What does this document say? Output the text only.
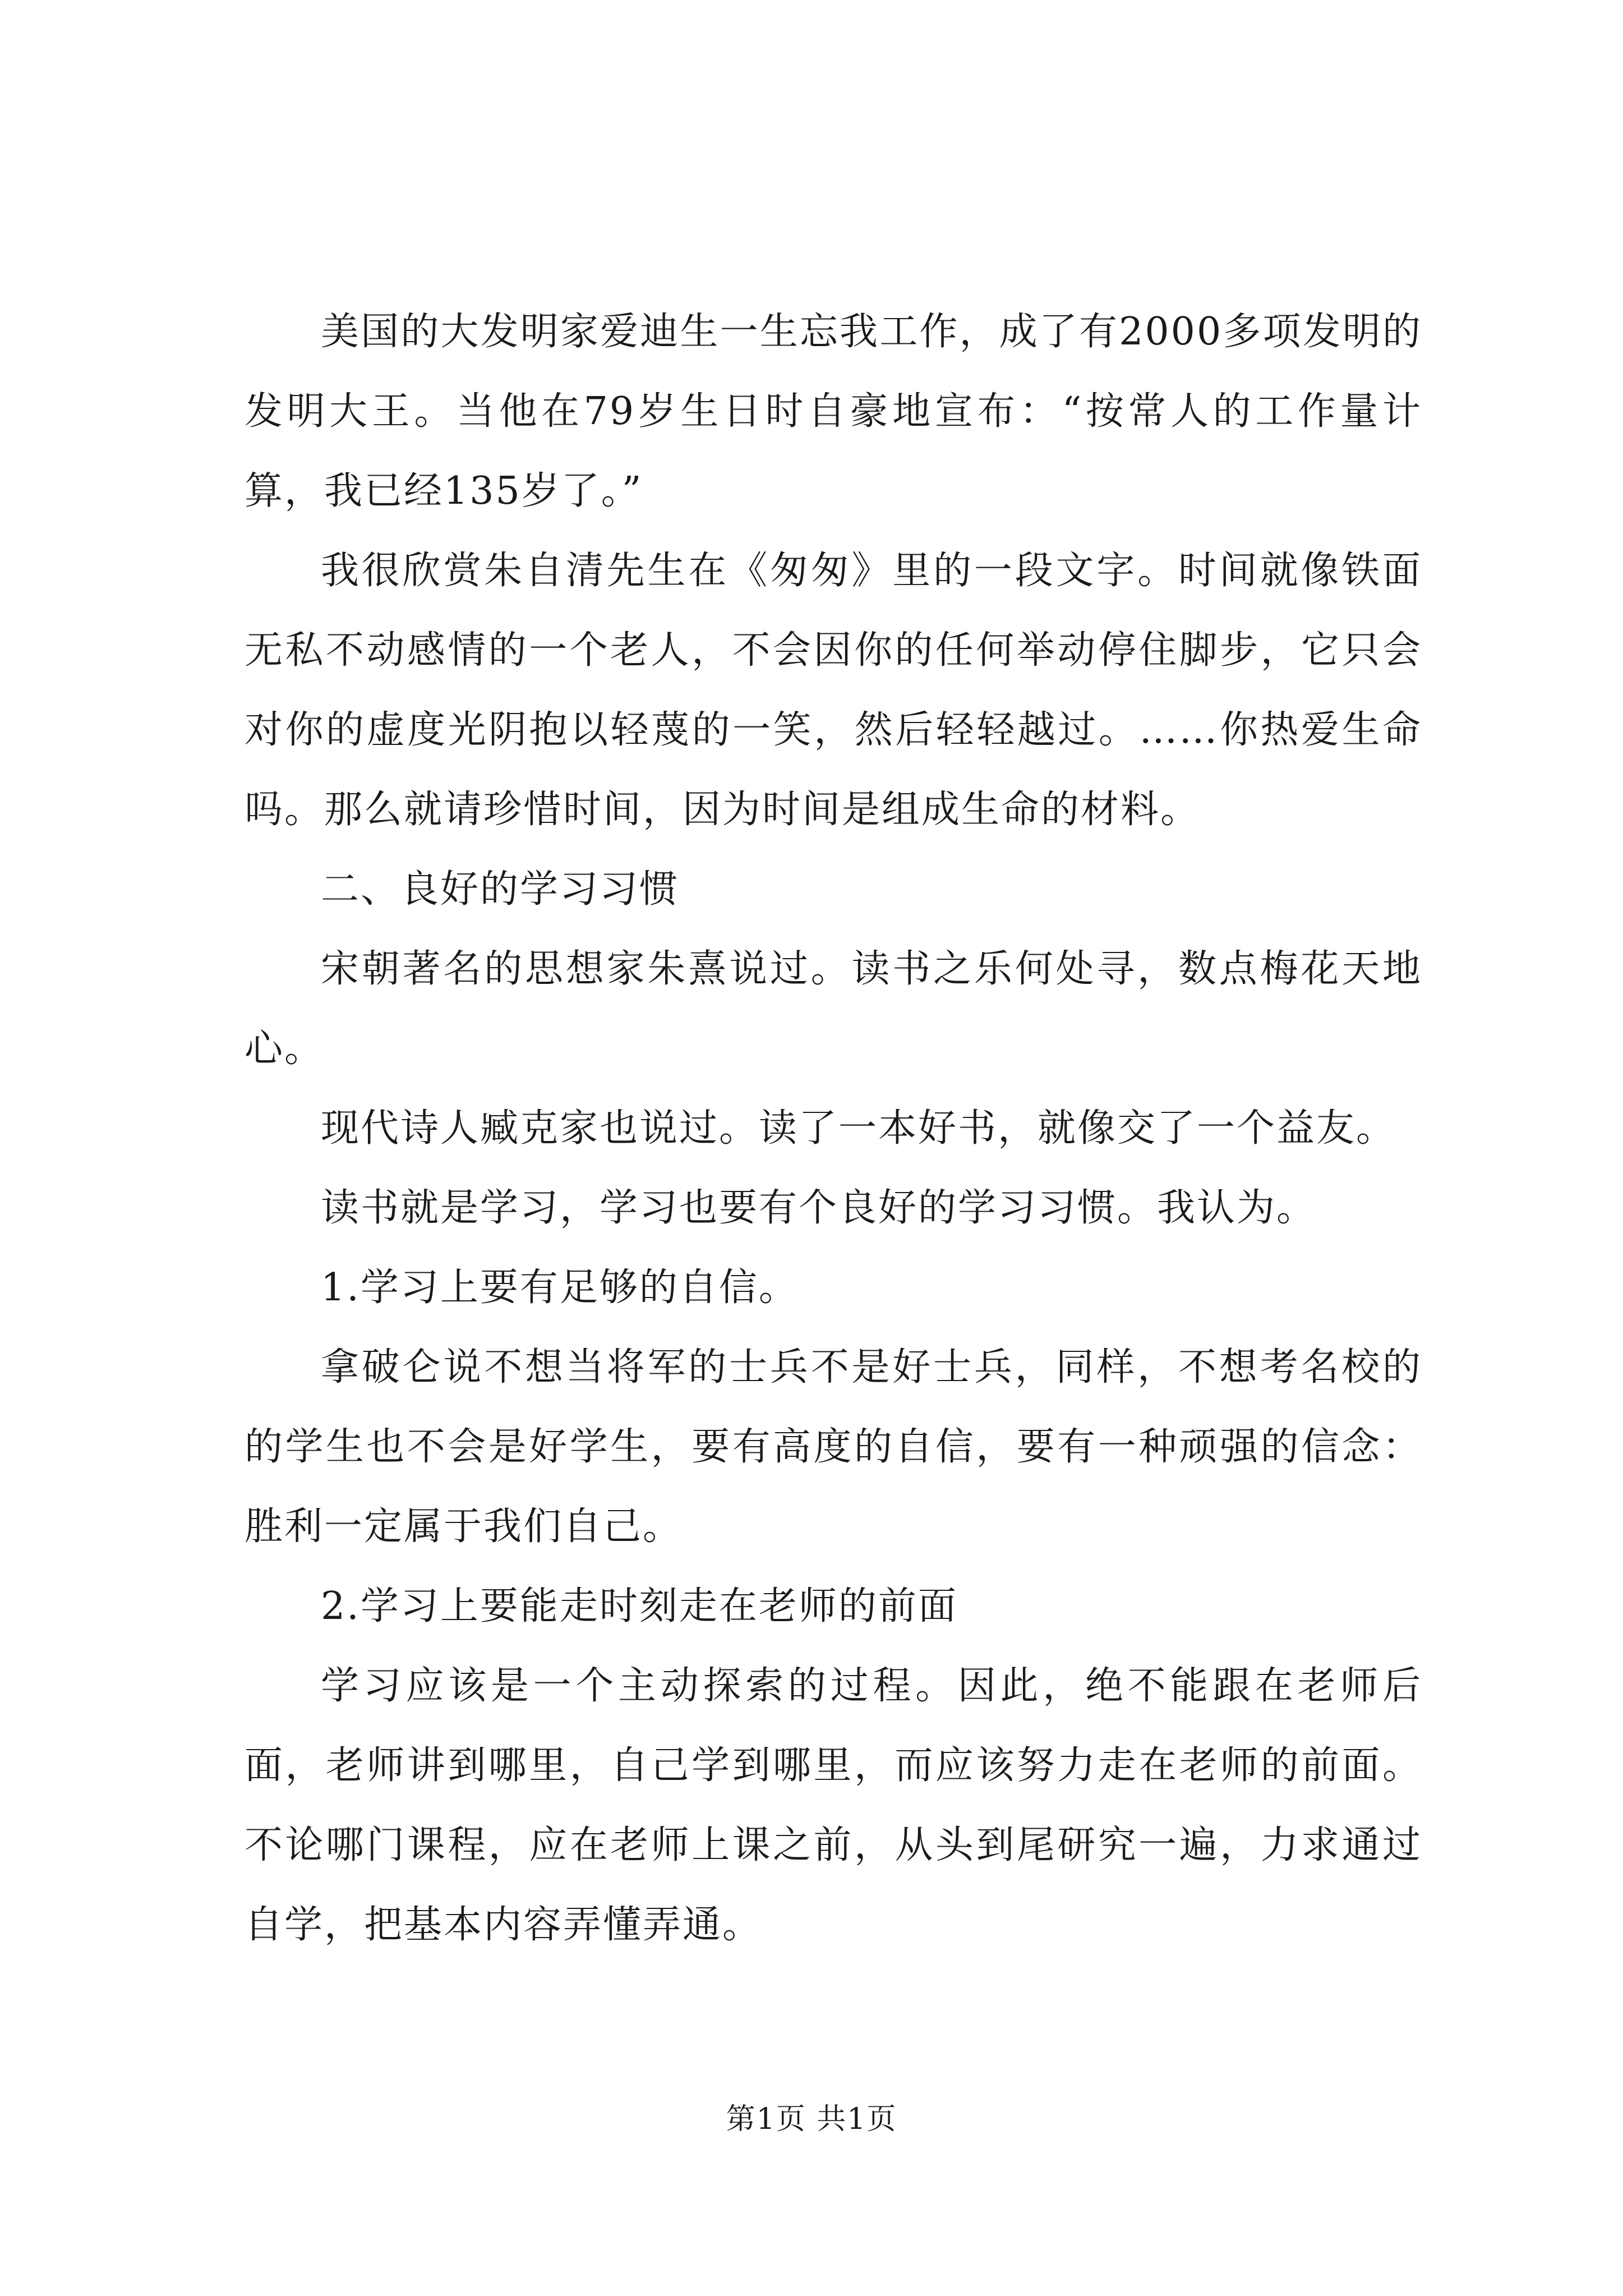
美国的大发明家爱迪生一生忘我工作，成了有2000多项发明的发明大王。当他在79岁生日时自豪地宣布：“按常人的工作量计算，我已经135岁了。”

我很欣赏朱自清先生在《匆匆》里的一段文字。时间就像铁面无私不动感情的一个老人，不会因你的任何举动停住脚步，它只会对你的虚度光阴抱以轻蔑的一笑，然后轻轻越过。……你热爱生命吗。那么就请珍惜时间，因为时间是组成生命的材料。

二、良好的学习习惯

宋朝著名的思想家朱熹说过。读书之乐何处寻，数点梅花天地心。

现代诗人臧克家也说过。读了一本好书，就像交了一个益友。

读书就是学习，学习也要有个良好的学习习惯。我认为。

1.学习上要有足够的自信。

拿破仑说不想当将军的士兵不是好士兵，同样，不想考名校的的学生也不会是好学生，要有高度的自信，要有一种顽强的信念：胜利一定属于我们自己。

2.学习上要能走时刻走在老师的前面

学习应该是一个主动探索的过程。因此，绝不能跟在老师后面，老师讲到哪里，自己学到哪里，而应该努力走在老师的前面。不论哪门课程，应在老师上课之前，从头到尾研究一遍，力求通过自学，把基本内容弄懂弄通。

第1页 共1页
